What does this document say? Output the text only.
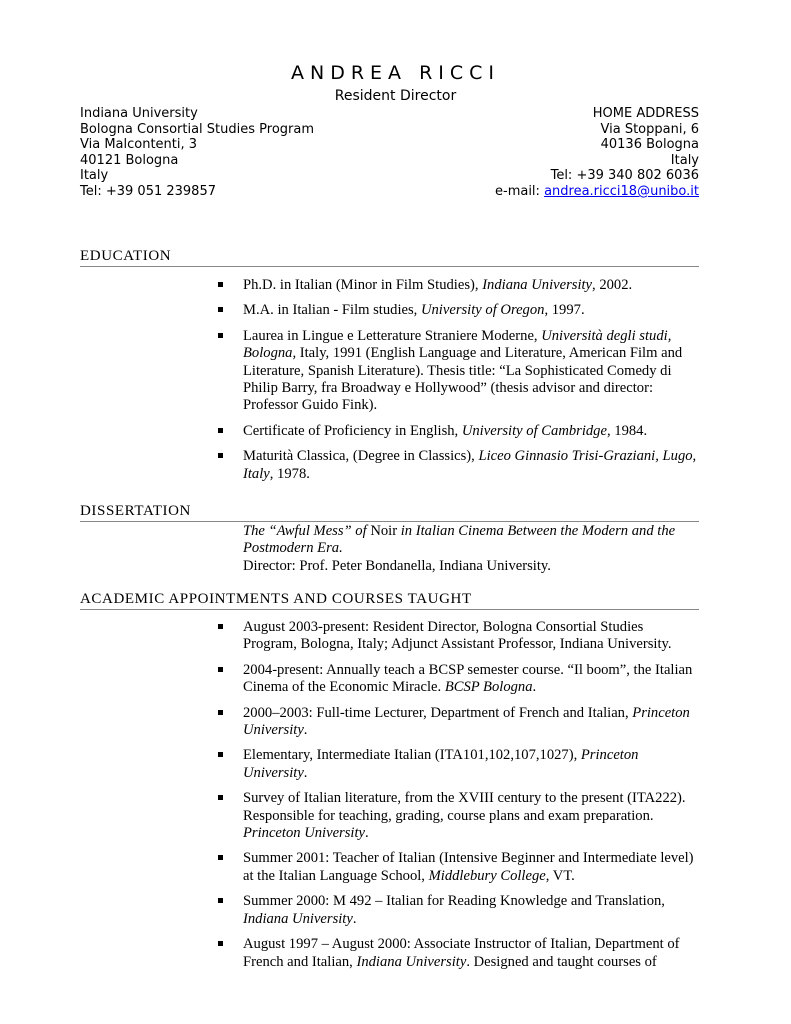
ANDREA RICCI
Resident Director
Indiana University
Bologna Consortial Studies Program
Via Malcontenti, 3
40121 Bologna
Italy
Tel: +39 051 239857
HOME ADDRESS
Via Stoppani, 6
40136 Bologna
Italy
Tel: +39 340 802 6036
e-mail: andrea.ricci18@unibo.it
EDUCATION
Ph.D. in Italian (Minor in Film Studies), Indiana University, 2002.
M.A. in Italian - Film studies, University of Oregon, 1997.
Laurea in Lingue e Letterature Straniere Moderne, Università degli studi, Bologna, Italy, 1991 (English Language and Literature, American Film and Literature, Spanish Literature). Thesis title: “La Sophisticated Comedy di Philip Barry, fra Broadway e Hollywood” (thesis advisor and director: Professor Guido Fink).
Certificate of Proficiency in English, University of Cambridge, 1984.
Maturità Classica, (Degree in Classics), Liceo Ginnasio Trisi-Graziani, Lugo, Italy, 1978.
DISSERTATION
The “Awful Mess” of Noir in Italian Cinema Between the Modern and the Postmodern Era.
Director: Prof. Peter Bondanella, Indiana University.
ACADEMIC APPOINTMENTS AND COURSES TAUGHT
August 2003-present: Resident Director, Bologna Consortial Studies Program, Bologna, Italy; Adjunct Assistant Professor, Indiana University.
2004-present: Annually teach a BCSP semester course. “Il boom”, the Italian Cinema of the Economic Miracle. BCSP Bologna.
2000–2003: Full-time Lecturer, Department of French and Italian, Princeton University.
Elementary, Intermediate Italian (ITA101,102,107,1027), Princeton University.
Survey of Italian literature, from the XVIII century to the present (ITA222). Responsible for teaching, grading, course plans and exam preparation. Princeton University.
Summer 2001: Teacher of Italian (Intensive Beginner and Intermediate level) at the Italian Language School, Middlebury College, VT.
Summer 2000: M 492 – Italian for Reading Knowledge and Translation, Indiana University.
August 1997 – August 2000: Associate Instructor of Italian, Department of French and Italian, Indiana University. Designed and taught courses of
